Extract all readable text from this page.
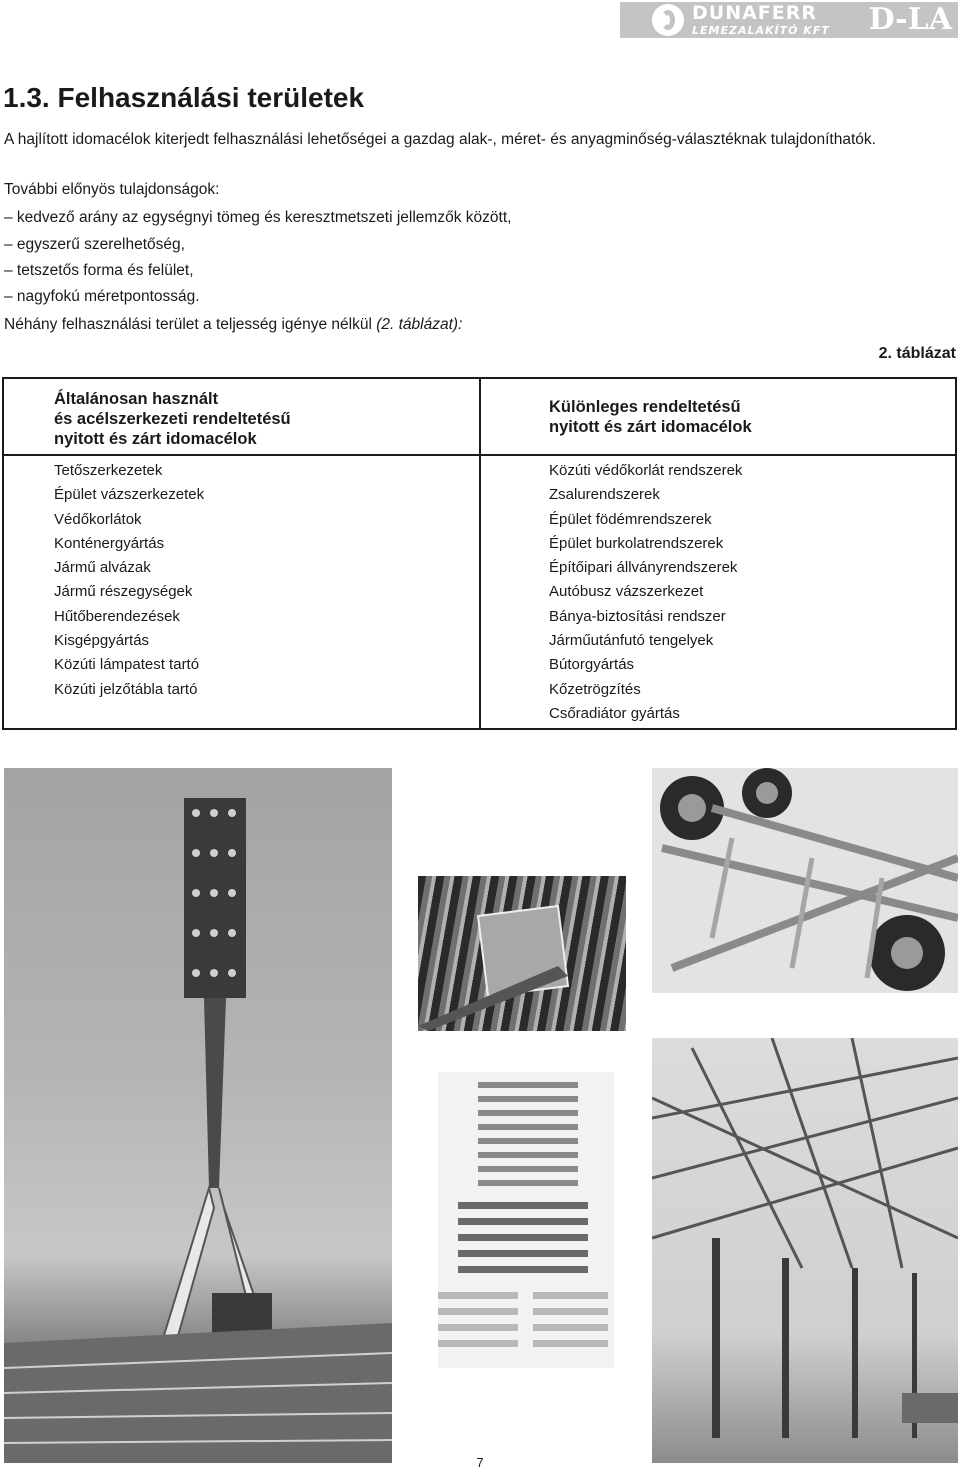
DUNAFERR
LEMEZALAKÍTÓ KFT D-LA
1.3. Felhasználási területek

A hajlított idomacélok kiterjedt felhasználási lehetőségei a gazdag alak-, méret- és anyagminőség-választéknak tulajdoníthatók.

További előnyös tulajdonságok:
– kedvező arány az egységnyi tömeg és keresztmetszeti jellemzők között,
– egyszerű szerelhetőség,
– tetszetős forma és felület,
– nagyfokú méretpontosság.
Néhány felhasználási terület a teljesség igénye nélkül (2. táblázat):
2. táblázat
Általánosan használt
és acélszerkezeti rendeltetésű
nyitott és zárt idomacélok
Tetőszerkezetek
Épület vázszerkezetek
Védőkorlátok
Konténergyártás
Jármű alvázak
Jármű részegységek
Hűtőberendezések
Kisgépgyártás
Közúti lámpatest tartó
Közúti jelzőtábla tartó
Különleges rendeltetésű
nyitott és zárt idomacélok
Közúti védőkorlát rendszerek
Zsalurendszerek
Épület födémrendszerek
Épület burkolatrendszerek
Építőipari állványrendszerek
Autóbusz vázszerkezet
Bánya-biztosítási rendszer
Járműutánfutó tengelyek
Bútorgyártás
Kőzetrögzítés
Csőradiátor gyártás
7
